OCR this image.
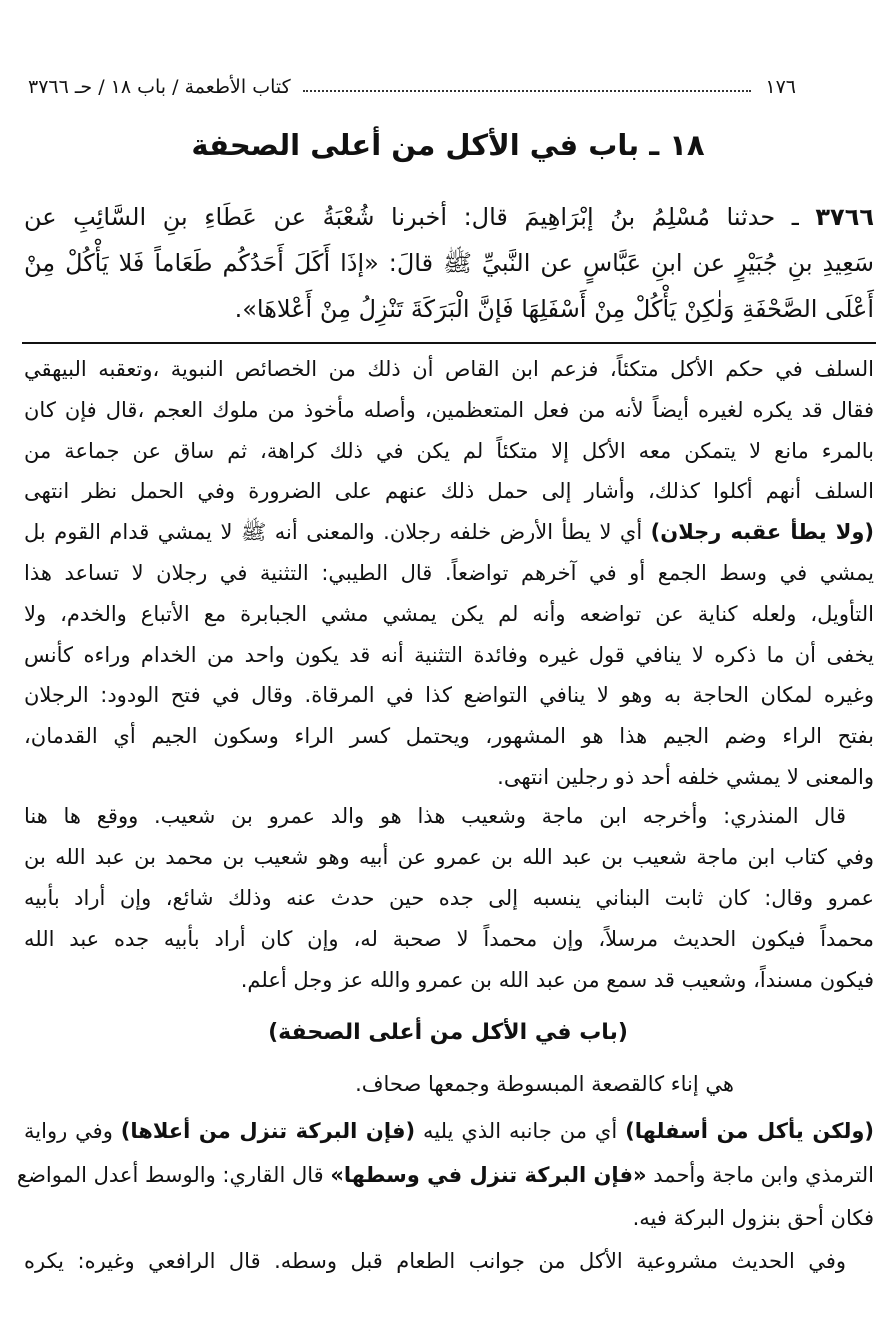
١٧٦
كتاب الأطعمة / باب ١٨ / حـ ٣٧٦٦
١٨ ـ باب في الأكل من أعلى الصحفة
٣٧٦٦ ـ حدثنا مُسْلِمُ بنُ إبْرَاهِيمَ قال: أخبرنا شُعْبَةُ عن عَطَاءِ بنِ السَّائِبِ عن
سَعِيدِ بنِ جُبَيْرٍ عن ابنِ عَبَّاسٍ عن النَّبيِّ ﷺ قالَ: «إذَا أَكَلَ أَحَدُكُم طَعَاماً فَلا يَأْكُلْ مِنْ
أَعْلَى الصَّحْفَةِ وَلٰكِنْ يَأْكُلْ مِنْ أَسْفَلِهَا فَإنَّ الْبَرَكَةَ تَنْزِلُ مِنْ أَعْلاهَا».
السلف في حكم الأكل متكئاً، فزعم ابن القاص أن ذلك من الخصائص النبوية ،وتعقبه البيهقي
فقال قد يكره لغيره أيضاً لأنه من فعل المتعظمين، وأصله مأخوذ من ملوك العجم ،قال فإن كان
بالمرء مانع لا يتمكن معه الأكل إلا متكئاً لم يكن في ذلك كراهة، ثم ساق عن جماعة من
السلف أنهم أكلوا كذلك، وأشار إلى حمل ذلك عنهم على الضرورة وفي الحمل نظر انتهى
(ولا يطأ عقبه رجلان) أي لا يطأ الأرض خلفه رجلان. والمعنى أنه ﷺ لا يمشي قدام القوم بل
يمشي في وسط الجمع أو في آخرهم تواضعاً. قال الطيبي: التثنية في رجلان لا تساعد هذا
التأويل، ولعله كناية عن تواضعه وأنه لم يكن يمشي مشي الجبابرة مع الأتباع والخدم، ولا
يخفى أن ما ذكره لا ينافي قول غيره وفائدة التثنية أنه قد يكون واحد من الخدام وراءه كأنس
وغيره لمكان الحاجة به وهو لا ينافي التواضع كذا في المرقاة. وقال في فتح الودود: الرجلان
بفتح الراء وضم الجيم هذا هو المشهور، ويحتمل كسر الراء وسكون الجيم أي القدمان،
والمعنى لا يمشي خلفه أحد ذو رجلين انتهى.
قال المنذري: وأخرجه ابن ماجة وشعيب هذا هو والد عمرو بن شعيب. ووقع ها هنا
وفي كتاب ابن ماجة شعيب بن عبد الله بن عمرو عن أبيه وهو شعيب بن محمد بن عبد الله بن
عمرو وقال: كان ثابت البناني ينسبه إلى جده حين حدث عنه وذلك شائع، وإن أراد بأبيه
محمداً فيكون الحديث مرسلاً، وإن محمداً لا صحبة له، وإن كان أراد بأبيه جده عبد الله
فيكون مسنداً، وشعيب قد سمع من عبد الله بن عمرو والله عز وجل أعلم.
(باب في الأكل من أعلى الصحفة)
هي إناء كالقصعة المبسوطة وجمعها صحاف.
(ولكن يأكل من أسفلها) أي من جانبه الذي يليه (فإن البركة تنزل من أعلاها) وفي رواية
الترمذي وابن ماجة وأحمد «فإن البركة تنزل في وسطها» قال القاري: والوسط أعدل المواضع
فكان أحق بنزول البركة فيه.
وفي الحديث مشروعية الأكل من جوانب الطعام قبل وسطه. قال الرافعي وغيره: يكره
